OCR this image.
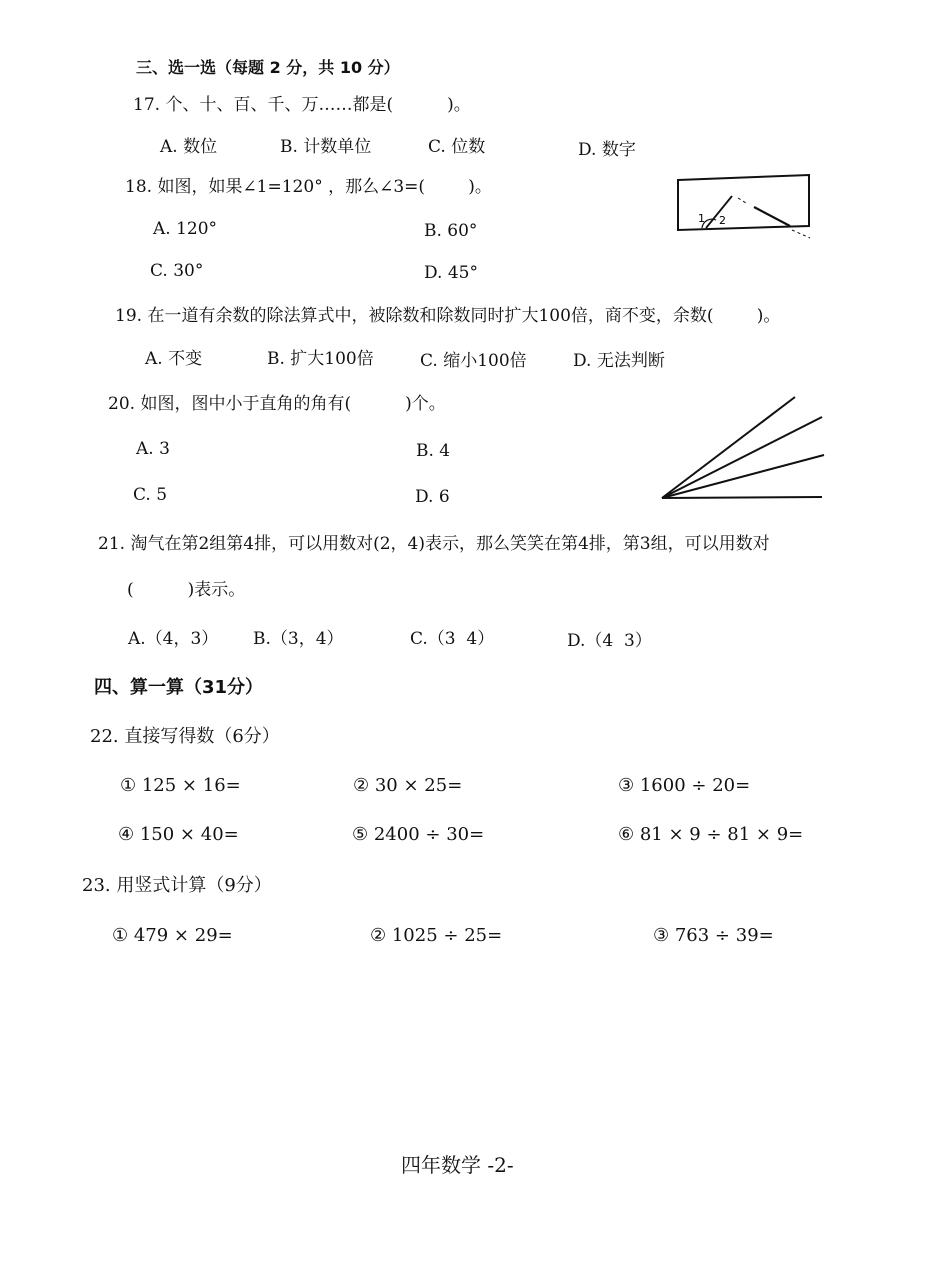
三、选一选（每题 2 分，共 10 分）
17. 个、十、百、千、万……都是(          )。
A. 数位	B. 计数单位	C. 位数	D. 数字
18. 如图，如果∠1=120° ，那么∠3=(        )。
A. 120°	B. 60°
C. 30°	D. 45°
1 2
19. 在一道有余数的除法算式中，被除数和除数同时扩大100倍，商不变，余数(        )。
A. 不变	B. 扩大100倍	C. 缩小100倍	D. 无法判断
20. 如图，图中小于直角的角有(          )个。
A. 3	B. 4
C. 5	D. 6
21. 淘气在第2组第4排，可以用数对(2，4)表示，那么笑笑在第4排，第3组，可以用数对
(          )表示。
A.（4，3） B.（3，4）	C.（3  4）	D.（4  3）
四、算一算（31分）
22. 直接写得数（6分）
① 125 × 16=	② 30 × 25=	③ 1600 ÷ 20=
④ 150 × 40=	⑤ 2400 ÷ 30=	⑥ 81 × 9 ÷ 81 × 9=
23. 用竖式计算（9分）
① 479 × 29=	② 1025 ÷ 25=	③ 763 ÷ 39=
四年数学 -2-
